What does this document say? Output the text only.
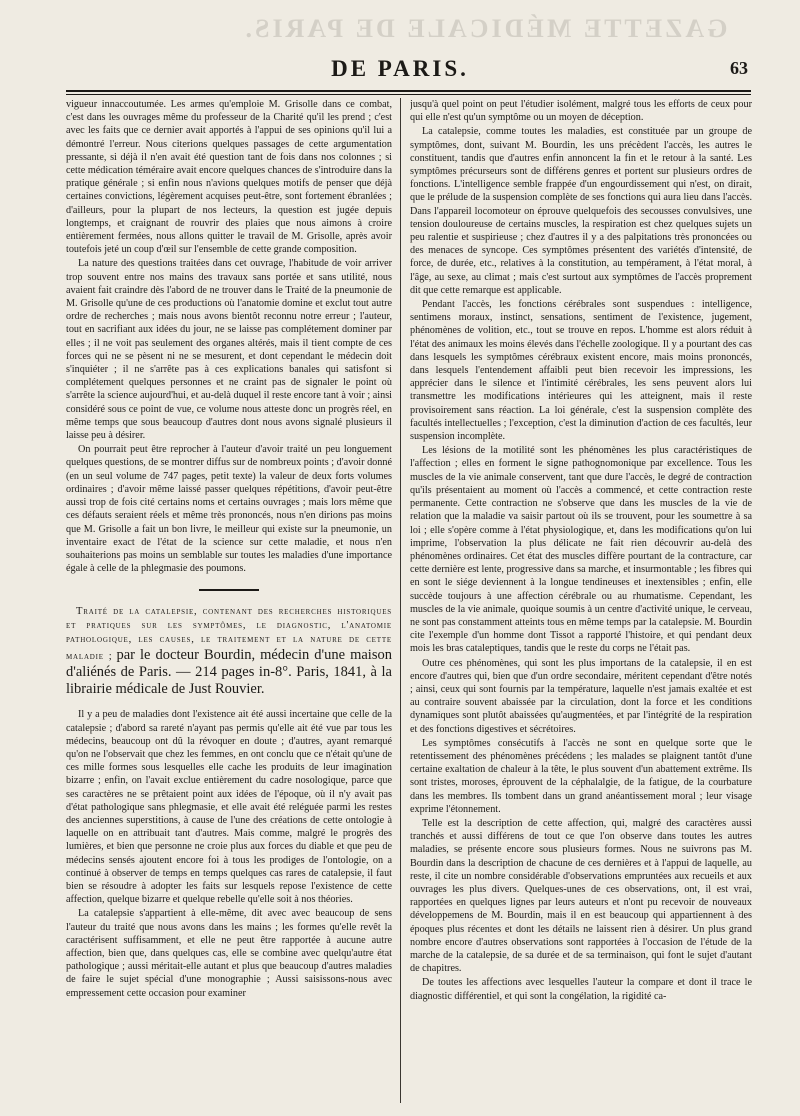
GAZETTE MÉDICALE DE PARIS.
DE PARIS.	63

vigueur innaccoutumée. Les armes qu'emploie M. Grisolle dans ce combat, c'est dans les ouvrages même du professeur de la Charité qu'il les prend ; c'est avec les faits que ce dernier avait apportés à l'appui de ses opinions qu'il lui a démontré l'erreur. Nous citerions quelques passages de cette argumentation pressante, si déjà il n'en avait été question tant de fois dans nos colonnes ; si cette médication téméraire avait encore quelques chances de s'introduire dans la pratique générale ; si enfin nous n'avions quelques motifs de penser que déjà certaines convictions, légèrement acquises peut-être, sont fortement ébranlées ; d'ailleurs, pour la plupart de nos lecteurs, la question est jugée depuis longtemps, et craignant de rouvrir des plaies que nous aimons à croire entièrement fermées, nous allons quitter le travail de M. Grisolle, après avoir toutefois jeté un coup d'œil sur l'ensemble de cette grande composition.

La nature des questions traitées dans cet ouvrage, l'habitude de voir arriver trop souvent entre nos mains des travaux sans portée et sans utilité, nous avaient fait craindre dès l'abord de ne trouver dans le Traité de la pneumonie de M. Grisolle qu'une de ces productions où l'anatomie domine et exclut tout autre ordre de recherches ; mais nous avons bientôt reconnu notre erreur ; l'auteur, tout en sacrifiant aux idées du jour, ne se laisse pas complétement dominer par elles ; il ne voit pas seulement des organes altérés, mais il tient compte de ces forces qui ne se pèsent ni ne se mesurent, et dont cependant le médecin doit s'inquiéter ; il ne s'arrête pas à ces explications banales qui satisfont si complétement quelques personnes et ne craint pas de signaler le point où s'arrête la science aujourd'hui, et au-delà duquel il reste encore tant à voir ; ainsi considéré sous ce point de vue, ce volume nous atteste donc un progrès réel, en même temps que sous beaucoup d'autres dont nous avons signalé plusieurs il laisse peu à désirer.

On pourrait peut être reprocher à l'auteur d'avoir traité un peu longuement quelques questions, de se montrer diffus sur de nombreux points ; d'avoir donné (en un seul volume de 747 pages, petit texte) la valeur de deux forts volumes ordinaires ; d'avoir même laissé passer quelques répétitions, d'avoir peut-être aussi trop de fois cité certains noms et certains ouvrages ; mais lors même que ces défauts seraient réels et même très prononcés, nous n'en dirions pas moins que M. Grisolle a fait un bon livre, le meilleur qui existe sur la pneumonie, un inventaire exact de l'état de la science sur cette maladie, et nous n'en souhaiterions pas moins un semblable sur toutes les maladies d'une importance égale à celle de la phlegmasie des poumons.

Traité de la catalepsie, contenant des recherches historiques et pratiques sur les symptômes, le diagnostic, l'anatomie pathologique, les causes, le traitement et la nature de cette maladie ; par le docteur Bourdin, médecin d'une maison d'aliénés de Paris. — 214 pages in-8°. Paris, 1841, à la librairie médicale de Just Rouvier.

Il y a peu de maladies dont l'existence ait été aussi incertaine que celle de la catalepsie ; d'abord sa rareté n'ayant pas permis qu'elle ait été vue par tous les médecins, beaucoup ont dû la révoquer en doute ; d'autres, ayant remarqué qu'on ne l'observait que chez les femmes, en ont conclu que ce n'était qu'une de ces mille formes sous lesquelles elle cache les produits de leur imagination bizarre ; enfin, on l'avait exclue entièrement du cadre nosologique, parce que ses caractères ne se prêtaient point aux idées de l'époque, où il n'y avait pas d'état pathologique sans phlegmasie, et elle avait été reléguée parmi les restes des anciennes superstitions, à cause de l'une des créations de cette ontologie à laquelle on en attribuait tant d'autres. Mais comme, malgré le progrès des lumières, et bien que personne ne croie plus aux forces du diable et que peu de médecins sensés ajoutent encore foi à tous les prodiges de l'ontologie, on a continué à observer de temps en temps quelques cas rares de catalepsie, il faut bien se résoudre à adopter les faits sur lesquels repose l'existence de cette affection, quelque bizarre et quelque rebelle qu'elle soit à nos théories.

La catalepsie s'appartient à elle-même, dit avec avec beaucoup de sens l'auteur du traité que nous avons dans les mains ; les formes qu'elle revêt la caractérisent suffisamment, et elle ne peut être rapportée à aucune autre affection, bien que, dans quelques cas, elle se combine avec quelqu'autre état pathologique ; aussi méritait-elle autant et plus que beaucoup d'autres maladies de faire le sujet spécial d'une monographie ; Aussi saisissons-nous avec empressement cette occasion pour examiner

jusqu'à quel point on peut l'étudier isolément, malgré tous les efforts de ceux pour qui elle n'est qu'un symptôme ou un moyen de déception.

La catalepsie, comme toutes les maladies, est constituée par un groupe de symptômes, dont, suivant M. Bourdin, les uns précèdent l'accès, les autres le constituent, tandis que d'autres enfin annoncent la fin et le retour à la santé. Les symptômes précurseurs sont de différens genres et portent sur plusieurs ordres de fonctions. L'intelligence semble frappée d'un engourdissement qui n'est, on dirait, que le prélude de la suspension complète de ses fonctions qui aura lieu dans l'accès. Dans l'appareil locomoteur on éprouve quelquefois des secousses convulsives, une tension douloureuse de certains muscles, la respiration est chez quelques sujets un peu ralentie et suspirieuse ; chez d'autres il y a des palpitations très prononcées ou des menaces de syncope. Ces symptômes présentent des variétés d'intensité, de force, de durée, etc., relatives à la constitution, au tempérament, à l'état moral, à l'âge, au sexe, au climat ; mais c'est surtout aux symptômes de l'accès proprement dit que cette remarque est applicable.

Pendant l'accès, les fonctions cérébrales sont suspendues : intelligence, sentimens moraux, instinct, sensations, sentiment de l'existence, jugement, phénomènes de volition, etc., tout se trouve en repos. L'homme est alors réduit à l'état des animaux les moins élevés dans l'échelle zoologique. Il y a pourtant des cas dans lesquels les symptômes cérébraux existent encore, mais moins prononcés, dans lesquels l'entendement affaibli peut bien recevoir les impressions, les apprécier dans le silence et l'intimité cérébrales, les sens peuvent alors lui transmettre les modifications intérieures qui les atteignent, mais il reste provisoirement sans réaction. La loi générale, c'est la suspension complète des facultés intellectuelles ; l'exception, c'est la diminution d'action de ces facultés, leur suspension incomplète.

Les lésions de la motilité sont les phénomènes les plus caractéristiques de l'affection ; elles en forment le signe pathognomonique par excellence. Tous les muscles de la vie animale conservent, tant que dure l'accès, le degré de contraction qu'ils présentaient au moment où l'accès a commencé, et cette contraction reste permanente. Cette contraction ne s'observe que dans les muscles de la vie de relation que la maladie va saisir partout où ils se trouvent, pour les soumettre à sa loi ; elle s'opère comme à l'état physiologique, et, dans les modifications qu'on lui imprime, l'observation la plus délicate ne fait rien découvrir au-delà des phénomènes ordinaires. Cet état des muscles diffère pourtant de la contracture, car cette dernière est lente, progressive dans sa marche, et insurmontable ; les fibres qui en sont le siége deviennent à la longue tendineuses et inextensibles ; enfin, elle succède toujours à une affection cérébrale ou au rhumatisme. Cependant, les muscles de la vie animale, quoique soumis à un centre d'activité unique, le cerveau, ne sont pas constamment atteints tous en même temps par la catalepsie. M. Bourdin cite l'exemple d'un homme dont Tissot a rapporté l'histoire, et qui pendant deux mois les bras cataleptiques, tandis que le reste du corps ne l'était pas.

Outre ces phénomènes, qui sont les plus importans de la catalepsie, il en est encore d'autres qui, bien que d'un ordre secondaire, méritent cependant d'être notés ; ainsi, ceux qui sont fournis par la température, laquelle n'est jamais exaltée et est au contraire souvent abaissée par la circulation, dont la force et les conditions dynamiques sont plutôt abaissées qu'augmentées, et par l'intégrité de la respiration et des fonctions digestives et sécrétoires.

Les symptômes consécutifs à l'accès ne sont en quelque sorte que le retentissement des phénomènes précédens ; les malades se plaignent tantôt d'une certaine exaltation de chaleur à la tête, le plus souvent d'un abattement extrême. Ils sont tristes, moroses, éprouvent de la céphalalgie, de la fatigue, de la courbature dans les membres. Ils tombent dans un grand anéantissement moral ; leur visage exprime l'étonnement.

Telle est la description de cette affection, qui, malgré des caractères aussi tranchés et aussi différens de tout ce que l'on observe dans toutes les autres maladies, se présente encore sous plusieurs formes. Nous ne suivrons pas M. Bourdin dans la description de chacune de ces dernières et à l'appui de laquelle, au reste, il cite un nombre considérable d'observations empruntées aux recueils et aux ouvrages les plus divers. Quelques-unes de ces observations, ont, il est vrai, rapportées en quelques lignes par leurs auteurs et n'ont pu recevoir de nouveaux développemens de M. Bourdin, mais il en est beaucoup qui appartiennent à des époques plus récentes et dont les détails ne laissent rien à désirer. Un plus grand nombre encore d'autres observations sont rapportées à l'occasion de l'étude de la marche de la catalepsie, de sa durée et de sa terminaison, qui font le sujet d'autant de chapitres.

De toutes les affections avec lesquelles l'auteur la compare et dont il trace le diagnostic différentiel, et qui sont la congélation, la rigidité ca-
